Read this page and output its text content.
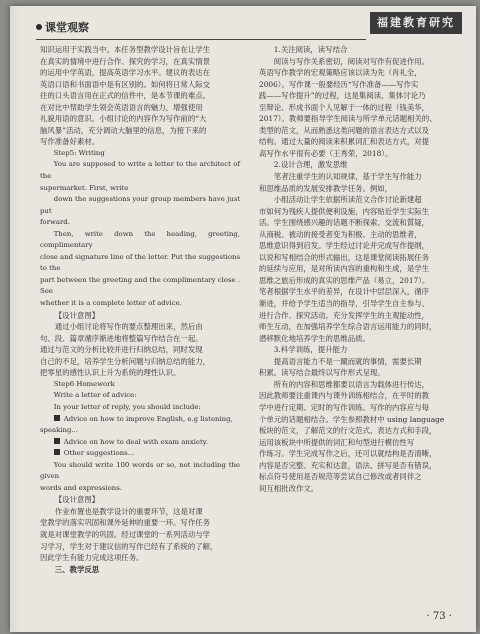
课堂观察	福建教育研究

知识运用于实践当中。本任务型教学设计旨在让学生

在真实的情境中进行合作、探究的学习，在真实情景

的运用中学英语，提高英语学习水平。建议的表达在

英语口语和书面语中是有区别的。如何将日常人际交

往的口头语言用在正式的信件中，是本节课的难点。

在对比中帮助学生领会英语语言的魅力，增强使用

礼貌用语的意识。小组讨论的内容作为写作前的“大

脑风暴”活动，充分调动大脑里的信息，为接下来的

写作准备好素材。

Step5: Writing

You are supposed to write a letter to the architect of the

supermarket. First, write

down the suggestions your group members have just put

forward.

Then, write down the heading, greeting, complimentary

close and signature line of the letter. Put the suggestions to the

part between the greeting and the complimentary close . See

whether it is a complete letter of advice.

【设计意图】

通过小组讨论将写作的要点整理出来，然后由

句、段、篇章循序渐进地将整篇写作结合在一起。

通过与范文的分析比较并进行归纳总结，同时发现

自己的不足，培养学生分析问题与归纳总结的能力，

把零星的感性认识上升为系统的理性认识。

Step6 Homework

Write a letter of advice:

In your letter of reply, you should include:

Advice on how to improve English, e.g listening,

speaking...

Advice on how to deal with exam anxiety.

Other suggestions...

You should write 100 words or so, not including the given

words and expressions.

【设计意图】

作业布置也是教学设计的重要环节，这是对课

堂教学的落实巩固和课外延伸的重要一环。写作任务

就是对课堂教学的巩固。经过课堂的一系列活动与学

习学习，学生对于建议信的写作已经有了系统的了解，

因此学生有能力完成这项任务。

三、教学反思

1.关注阅读，读写结合

阅读与写作关系密切，阅读对写作有促进作用。

英语写作教学的宏观策略应该以读为先（肖礼全，

2006）。写作课一般要经历“写作准备——写作实

践——写作提升”的过程，这是集阅读、集体讨论乃

至辩论、形成书面个人见解于一体的过程（钱美华，

2017）。教师要指导学生阅读与所学单元话题相关的、

类型的范文，从而熟悉这类问题的语言表达方式以及

结构。通过大量的阅读来积累词汇和表达方式，对提

高写作水平很有必要（王秀荣，2018）。

2.设计合理，激发思维

笔者注重学生的认知规律，基于学生写作能力

和思维品质的发展安排教学任务。例如，

小组活动让学生依据所读范文合作讨论新建超

市如何为残疾人提供便利设施，内容贴近学生实际生

活。学生围绕感兴趣的话题不断探索、交流和質疑，

从商税、被动的接受者变为积极、主动的思维者，

思维意识得到启发。学生经过讨论并完成写作提纲，

以说和写相结合的形式输出，这是课堂阅读拓展任务

的延续与应用，是对所读内容的重构和生成，是学生

思维之旅后形成的真实的思维产品（易立，2017）。

笔者根据学生水平的差异，在设计中层层深入，循序

渐进，并给予学生适当的指导，引导学生自主参与、

进行合作、探究活动。充分发挥学生的主观能动性，

师生互动，在加强培养学生综合语言运用能力的同时，

潜移默化地培养学生的思维品质。

3.科学训练，提升能力

提高语言能力不是一蹴而就的事情，需要长期

积累。读写结合最终以写作形式呈现。

所有的内容和思维都要以语言为载体进行传达，

因此教师要注重课内与课外训练相结合，在平时的教

学中进行定期、定时的写作训练。写作的内容应与每

个单元的话题相结合。学生参照教材中 using language

板块的范文，了解范文的行文范式、表达方式和手段，

运用该板块中所提供的词汇和句型进行模仿性写

作练习。学生完成写作之后，还可以就结构是否清晰，

内容是否完整、充实和达意，语法、拼写是否有错误，

标点符号使用是否规范等尝试自己修改或者同伴之

间互相批改作文。

· 73 ·
